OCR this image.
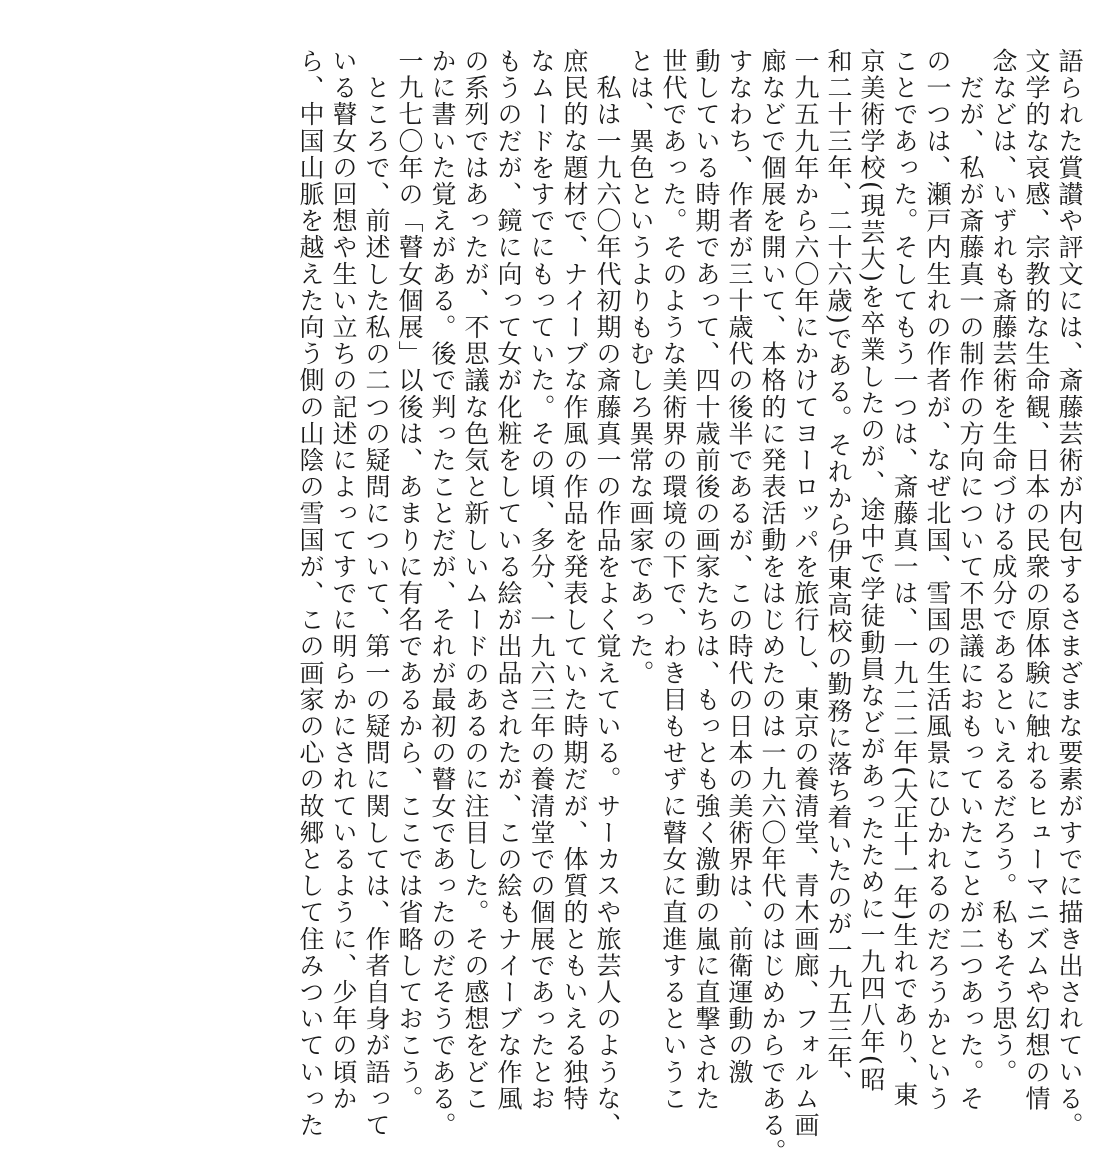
語られた賞讃や評文には、斎藤芸術が内包するさまざまな要素がすでに描き出されている。
文学的な哀感、宗教的な生命観、日本の民衆の原体験に触れるヒューマニズムや幻想の情
念などは、いずれも斎藤芸術を生命づける成分であるといえるだろう。私もそう思う。
　だが、私が斎藤真一の制作の方向について不思議におもっていたことが二つあった。そ
の一つは、瀬戸内生れの作者が、なぜ北国、雪国の生活風景にひかれるのだろうかという
ことであった。そしてもう一つは、斎藤真一は、一九二二年(大正十一年)生れであり、東
京美術学校(現芸大)を卒業したのが、途中で学徒動員などがあったために一九四八年(昭
和二十三年、二十六歳)である。それから伊東高校の勤務に落ち着いたのが一九五三年、
一九五九年から六〇年にかけてヨーロッパを旅行し、東京の養清堂、青木画廊、フォルム画
廊などで個展を開いて、本格的に発表活動をはじめたのは一九六〇年代のはじめからである。
すなわち、作者が三十歳代の後半であるが、この時代の日本の美術界は、前衛運動の激
動している時期であって、四十歳前後の画家たちは、もっとも強く激動の嵐に直撃された
世代であった。そのような美術界の環境の下で、わき目もせずに瞽女に直進するというこ
とは、異色というよりもむしろ異常な画家であった。
　私は一九六〇年代初期の斎藤真一の作品をよく覚えている。サーカスや旅芸人のような、
庶民的な題材で、ナイーブな作風の作品を発表していた時期だが、体質的ともいえる独特
なムードをすでにもっていた。その頃、多分、一九六三年の養清堂での個展であったとお
もうのだが、鏡に向って女が化粧をしている絵が出品されたが、この絵もナイーブな作風
の系列ではあったが、不思議な色気と新しいムードのあるのに注目した。その感想をどこ
かに書いた覚えがある。後で判ったことだが、それが最初の瞽女であったのだそうである。
一九七〇年の「瞽女個展」以後は、あまりに有名であるから、ここでは省略しておこう。
　ところで、前述した私の二つの疑問について、第一の疑問に関しては、作者自身が語って
いる瞽女の回想や生い立ちの記述によってすでに明らかにされているように、少年の頃か
ら、中国山脈を越えた向う側の山陰の雪国が、この画家の心の故郷として住みついていった
